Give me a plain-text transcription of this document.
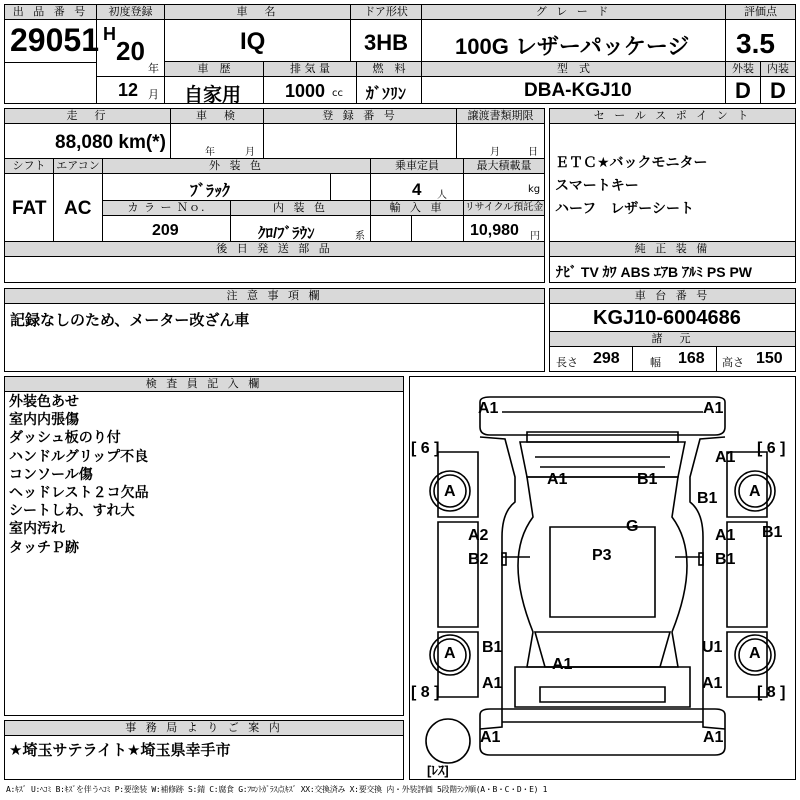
出 品 番 号
29051
初度登録
H
20
年
12 月
車　名
IQ
ドア形状
3HB
グ レ ー ド
100G レザーパッケージ
評価点
3.5
車　歴
自家用
排 気 量
1000 cc
燃　料
ｶﾞｿﾘﾝ
型　式
DBA-KGJ10
外装	内装
D D
走　行
88,080 km(*)
車　検
年	月
登 録 番 号	譲渡書類期限
月	日
シフト
FAT
エアコン
AC
外 装 色
ﾌﾞﾗｯｸ
乗車定員
4 人
最大積載量
kg
カ ラ ー Ｎｏ.
209
内 装 色
ｸﾛ/ﾌﾞﾗｳﾝ	系
輸 入 車	リサイクル預託金
10,980 円
後 日 発 送 部 品
セ ー ル ス ポ イ ン ト
ＥＴＣ★バックモニター
スマートキー
ハーフ　レザーシート
純 正 装 備
ﾅﾋﾞ TV ｶﾜ ABS ｴｱB ｱﾙﾐ PS PW
注 意 事 項 欄
記録なしのため、メーター改ざん車
車 台 番 号
KGJ10-6004686
諸　元
長さ 298	幅 168 高さ 150
検 査 員 記 入 欄
外装色あせ
室内内張傷
ダッシュ板のり付
ハンドルグリップ不良
コンソール傷
ヘッドレスト２コ欠品
シートしわ、すれ大
室内汚れ
タッチＰ跡
事 務 局 よ り ご 案 内
★埼玉サテライト★埼玉県幸手市
[ 6 ]	[ 6 ]
[ 8 ]	[ 8 ]
[ﾚｽ]
A	A
A	A
A1	A1
A1	B1
A1
B1
G
A2
B2
A1
B1
B1
P3
B1	U1
A1
A1	A1
A1	A1
A:ｷｽﾞ U:ﾍｺﾐ B:ｷｽﾞを伴うﾍｺﾐ P:要塗装 W:補修跡 S:錆 C:腐食 G:ﾌﾛﾝﾄｶﾞﾗｽ点ｷｽﾞ XX:交換済み X:要交換 内・外装評価 5段階ﾗﾝｸ順(A・B・C・D・E) 1
